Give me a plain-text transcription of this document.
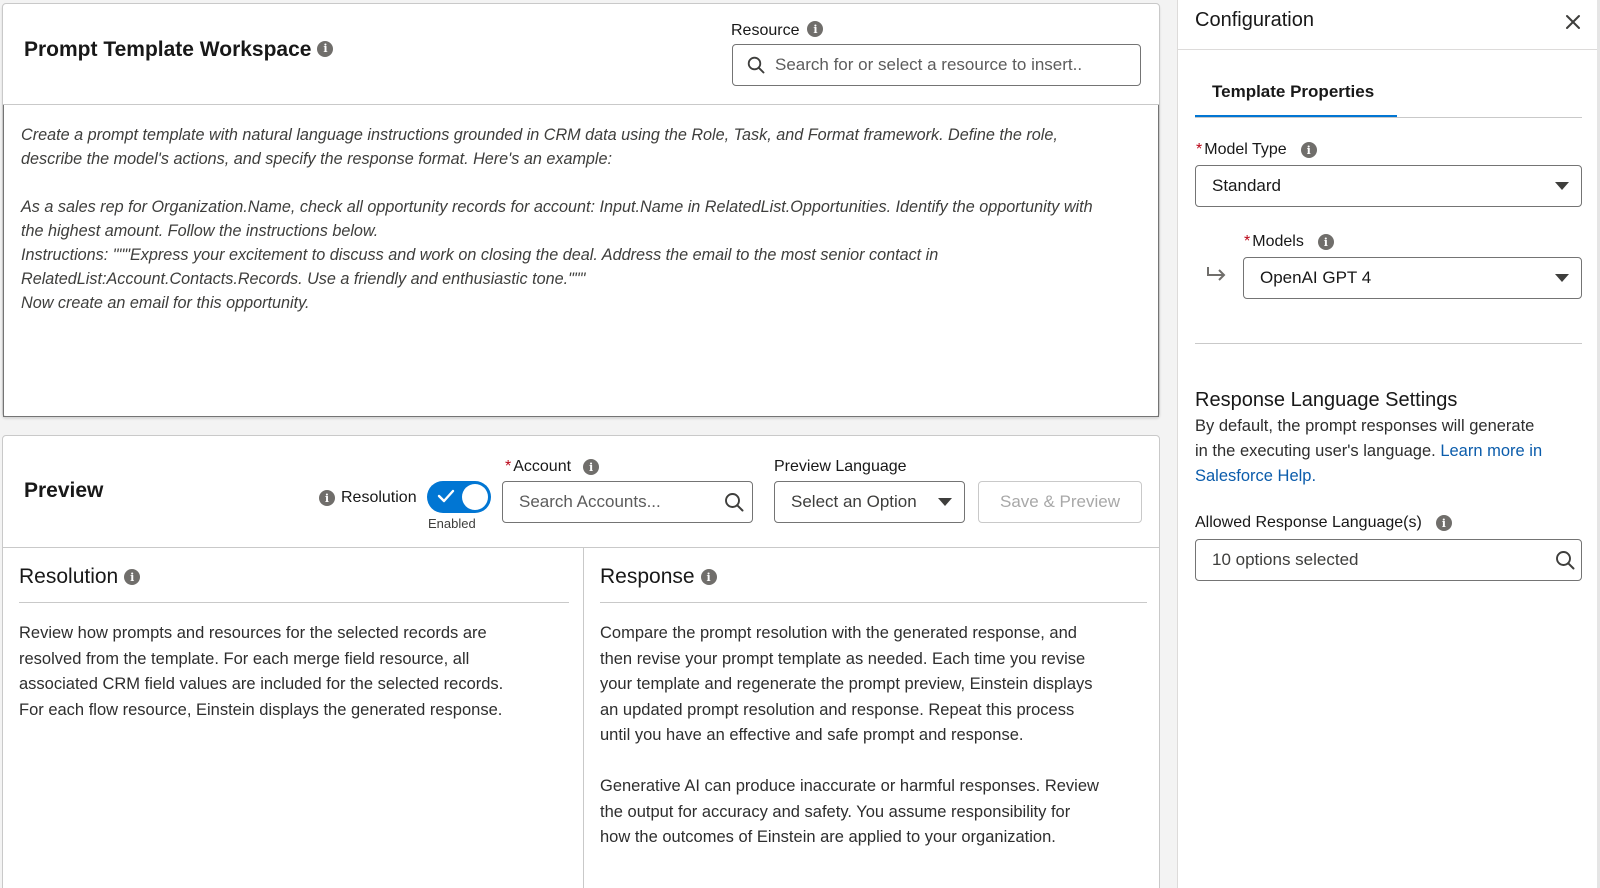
Prompt Template Workspace i
Resource i
Search for or select a resource to insert..

Create a prompt template with natural language instructions grounded in CRM data using the Role, Task, and Format framework. Define the role,

describe the model's actions, and specify the response format. Here's an example:

As a sales rep for Organization.Name, check all opportunity records for account: Input.Name in RelatedList.Opportunities. Identify the opportunity with

the highest amount. Follow the instructions below.

Instructions: """Express your excitement to discuss and work on closing the deal. Address the email to the most senior contact in

RelatedList:Account.Contacts.Records. Use a friendly and enthusiastic tone."""

Now create an email for this opportunity.

Preview	i Resolution
Enabled
* Account	i
Search Accounts...
Preview Language
Select an Option	Save & Preview
Resolution	i
Review how prompts and resources for the selected records are
resolved from the template. For each merge field resource, all
associated CRM field values are included for the selected records.
For each flow resource, Einstein displays the generated response.
Response	i

Compare the prompt resolution with the generated response, and
then revise your prompt template as needed. Each time you revise
your template and regenerate the prompt preview, Einstein displays
an updated prompt resolution and response. Repeat this process
until you have an effective and safe prompt and response.

Generative AI can produce inaccurate or harmful responses. Review
the output for accuracy and safety. You assume responsibility for
how the outcomes of Einstein are applied to your organization.

Configuration
Template Properties
* Model Type	i
Standard
* Models	i
OpenAI GPT 4
Response Language Settings
By default, the prompt responses will generate
in the executing user's language. Learn more in
Salesforce Help.
Allowed Response Language(s)	i
10 options selected
